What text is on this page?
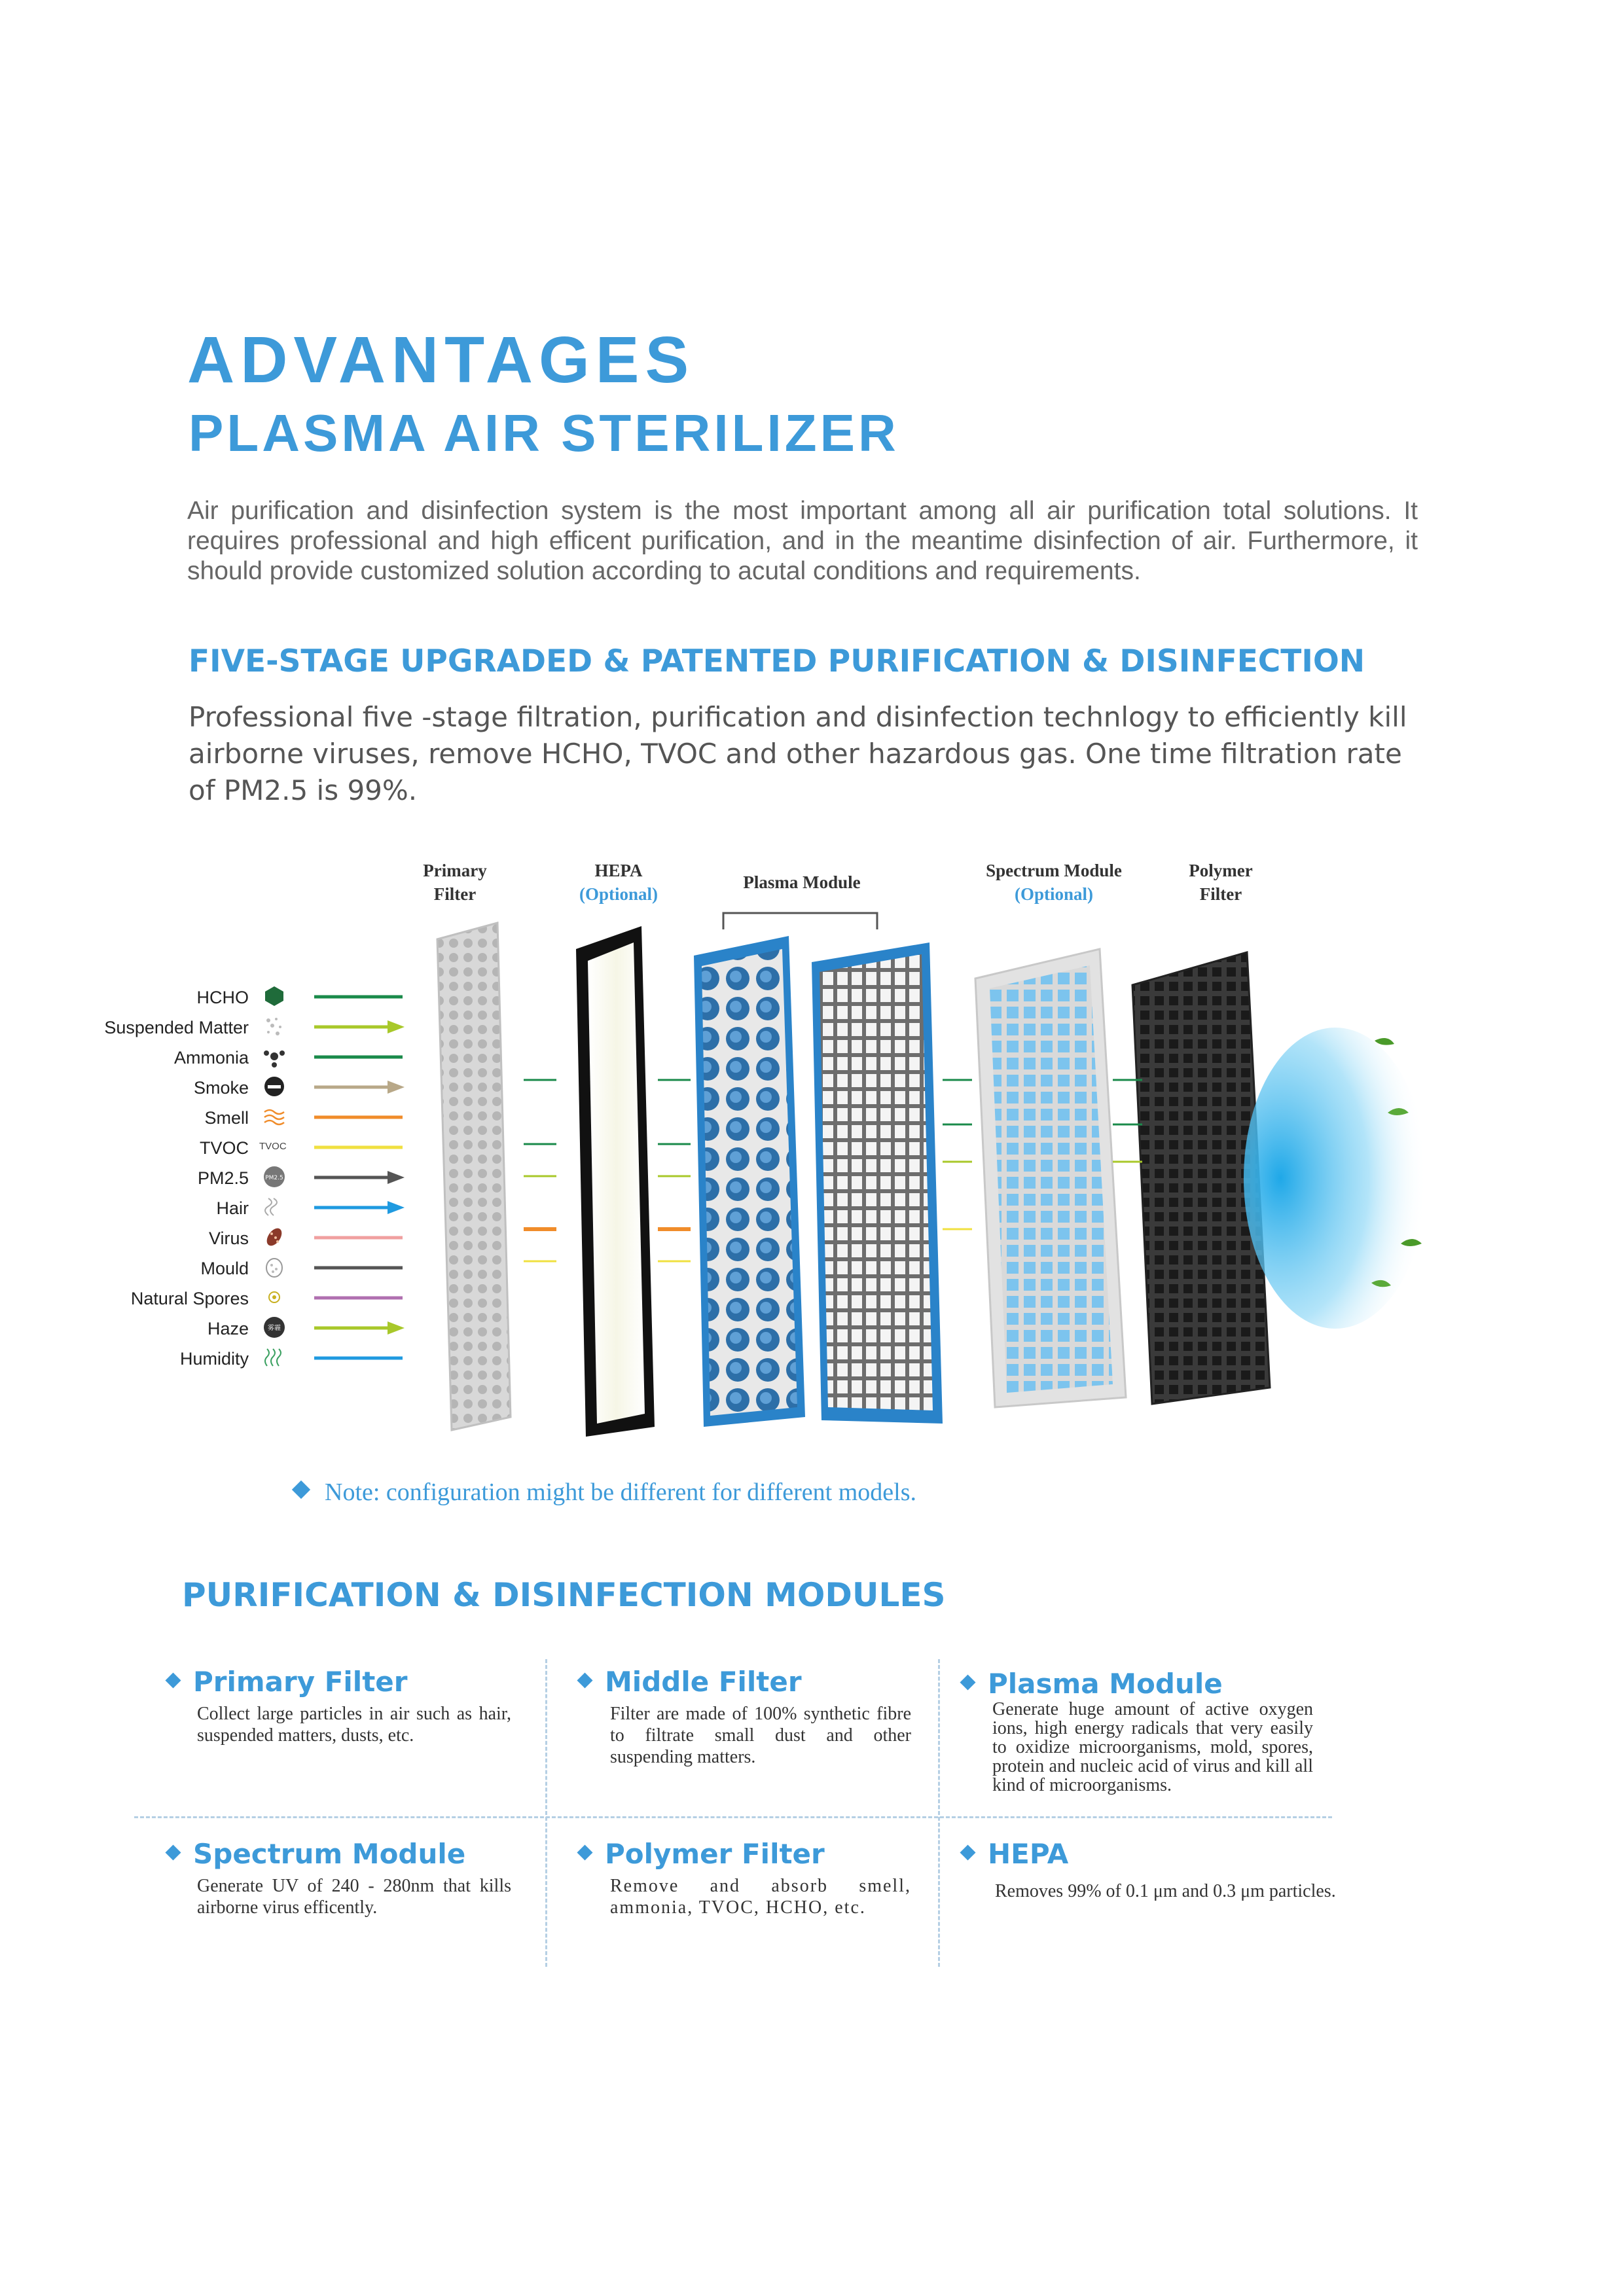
ADVANTAGES
PLASMA AIR STERILIZER
Air purification and disinfection system is the most important among all air purification total solutions. It requires professional and high efficent purification, and in the meantime disinfection of air. Furthermore, it should provide customized solution according to acutal conditions and requirements.
FIVE-STAGE UPGRADED & PATENTED PURIFICATION & DISINFECTION
Professional five -stage filtration, purification and disinfection technlogy to efficiently kill airborne viruses, remove HCHO, TVOC and other hazardous gas. One time filtration rate of PM2.5 is 99%.
Primary
Filter
HEPA
(Optional)
Plasma Module
Spectrum Module
(Optional)
Polymer
Filter
HCHO
Suspended Matter
Ammonia
Smoke
Smell
TVOC TVOC
PM2.5	PM2.5
Hair
Virus
Mould
Natural Spores
Haze	雾霾
Humidity
Note: configuration might be different for different models.
PURIFICATION & DISINFECTION MODULES
Primary Filter
Collect large particles in air such as hair, suspended matters, dusts, etc.
Middle Filter
Filter are made of 100% synthetic fibre to filtrate small dust and other suspending matters.
Plasma Module
Generate huge amount of active oxygen ions, high energy radicals that very easily to oxidize microorganisms, mold, spores, protein and nucleic acid of virus and kill all kind of microorganisms.
Spectrum Module
Generate UV of 240 - 280nm that kills airborne virus efficently.
Polymer Filter
Remove and absorb smell, ammonia, TVOC, HCHO, etc.
HEPA
Removes 99% of 0.1 μm and 0.3 μm particles.
